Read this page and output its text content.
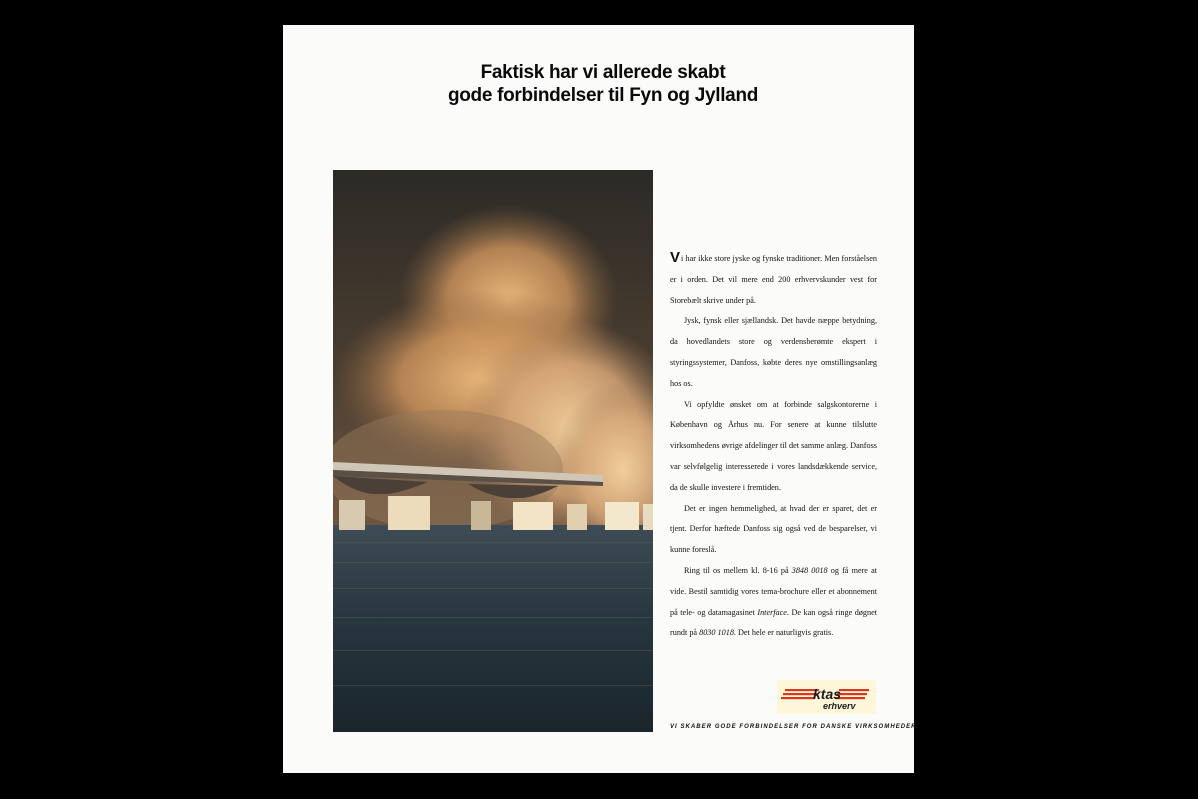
Faktisk har vi allerede skabt
gode forbindelser til Fyn og Jylland

Vi har ikke store jyske og fynske traditioner. Men forståelsen er i orden. Det vil mere end 200 erhvervskunder vest for Storebælt skrive under på.

Jysk, fynsk eller sjællandsk. Det havde næppe betydning, da hovedlandets store og verdensberømte ekspert i styringssystemer, Danfoss, købte deres nye omstillingsanlæg hos os.

Vi opfyldte ønsket om at forbinde salgskontorerne i København og Århus nu. For senere at kunne tilslutte virksomhedens øvrige afdelinger til det samme anlæg. Danfoss var selvfølgelig interesserede i vores landsdækkende service, da de skulle investere i fremtiden.

Det er ingen hemmelighed, at hvad der er sparet, det er tjent. Derfor hæftede Danfoss sig også ved de besparelser, vi kunne foreslå.

Ring til os mellem kl. 8-16 på 3848 0018 og få mere at vide. Bestil samtidig vores tema-brochure eller et abonnement på tele- og datamagasinet Interface. De kan også ringe døgnet rundt på 8030 1018. Det hele er naturligvis gratis.

ktas
erhverv
VI SKABER GODE FORBINDELSER FOR DANSKE VIRKSOMHEDER
